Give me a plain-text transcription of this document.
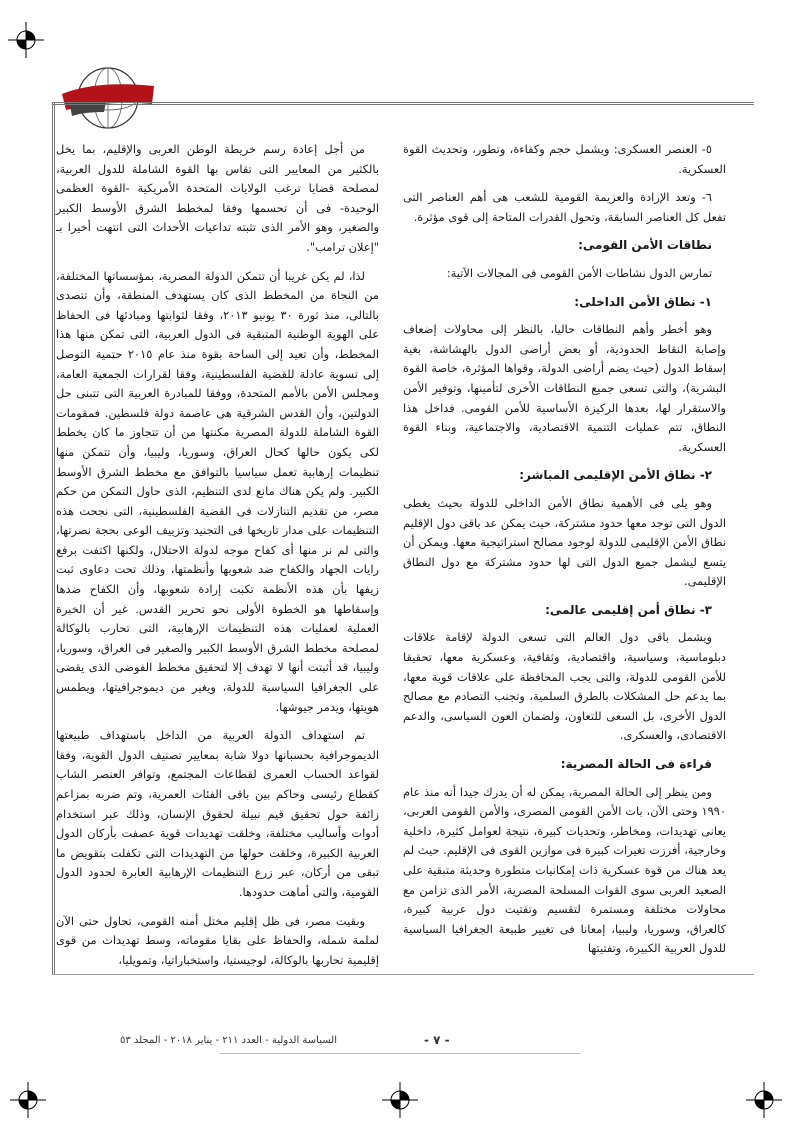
٥- العنصر العسكرى: ويشمل حجم وكفاءة، وتطور، وتحديث القوة العسكرية.

٦- وتعد الإرادة والعزيمة القومية للشعب هى أهم العناصر التى تفعل كل العناصر السابقة، وتحول القدرات المتاحة إلى قوى مؤثرة.

نطاقات الأمن القومى:

تمارس الدول نشاطات الأمن القومى فى المجالات الآتية:

١- نطاق الأمن الداخلى:

وهو أخطر وأهم النطاقات حاليا، بالنظر إلى محاولات إضعاف وإصابة النقاط الحدودية، أو بعض أراضى الدول بالهشاشة، بغية إسقاط الدول (حيث يضم أراضى الدولة، وقواها المؤثرة، خاصة القوة البشرية)، والتى تسعى جميع النطاقات الأخرى لتأمينها، وتوفير الأمن والاستقرار لها، بعدها الركيزة الأساسية للأمن القومى. فداخل هذا النطاق، تتم عمليات التنمية الاقتصادية، والاجتماعية، وبناء القوة العسكرية.

٢- نطاق الأمن الإقليمى المباشر:

وهو يلى فى الأهمية نطاق الأمن الداخلى للدولة بحيث يغطى الدول التى توجد معها حدود مشتركة، حيث يمكن عد باقى دول الإقليم نطاق الأمن الإقليمى للدولة لوجود مصالح استراتيجية معها. ويمكن أن يتسع ليشمل جميع الدول التى لها حدود مشتركة مع دول النطاق الإقليمى.

٣- نطاق أمن إقليمى عالمى:

ويشمل باقى دول العالم التى تسعى الدولة لإقامة علاقات دبلوماسية، وسياسية، واقتصادية، وثقافية، وعسكرية معها، تحقيقا للأمن القومى للدولة، والتى يجب المحافظة على علاقات قوية معها، بما يدعم حل المشكلات بالطرق السلمية، وتجنب التصادم مع مصالح الدول الأخرى، بل السعى للتعاون، ولضمان العون السياسى، والدعم الاقتصادى، والعسكرى.

قراءة فى الحالة المصرية:

ومن ينظر إلى الحالة المصرية، يمكن له أن يدرك جيدا أنه منذ عام ١٩٩٠ وحتى الآن، بات الأمن القومى المصرى، والأمن القومى العربى، يعانى تهديدات، ومخاطر، وتحديات كبيرة، نتيجة لعوامل كثيرة، داخلية وخارجية، أفرزت تغيرات كبيرة فى موازين القوى فى الإقليم. حيث لم يعد هناك من قوة عسكرية ذات إمكانيات متطورة وحديثة متبقية على الصعيد العربى سوى القوات المسلحة المصرية، الأمر الذى تزامن مع محاولات مختلفة ومستمرة لتقسيم وتفتيت دول عربية كبيرة، كالعراق، وسوريا، وليبيا، إمعانا فى تغيير طبيعة الجغرافيا السياسية للدول العربية الكبيرة، وتفتيتها

من أجل إعادة رسم خريطة الوطن العربى والإقليم، بما يخل بالكثير من المعايير التى تقاس بها القوة الشاملة للدول العربية، لمصلحة قضايا ترغب الولايات المتحدة الأمريكية -القوة العظمى الوحيدة- فى أن تحسمها وفقا لمخطط الشرق الأوسط الكبير والصغير، وهو الأمر الذى تثبته تداعيات الأحداث التى انتهت أخيرا بـ "إعلان ترامب".

لذا، لم يكن غريبا أن تتمكن الدولة المصرية، بمؤسساتها المختلفة، من النجاة من المخطط الذى كان يستهدف المنطقة، وأن تتصدى بالتالى، منذ ثورة ٣٠ يونيو ٢٠١٣، وفقا لثوابتها ومبادئها فى الحفاظ على الهوية الوطنية المتبقية فى الدول العربية، التى تمكن منها هذا المخطط، وأن تعيد إلى الساحة بقوة منذ عام ٢٠١٥ حتمية التوصل إلى تسوية عادلة للقضية الفلسطينية، وفقا لقرارات الجمعية العامة، ومجلس الأمن بالأمم المتحدة، ووفقا للمبادرة العربية التى تتبنى حل الدولتين، وأن القدس الشرقية هى عاصمة دولة فلسطين. فمقومات القوة الشاملة للدولة المصرية مكنتها من أن تتجاوز ما كان يخطط لكى يكون حالها كحال العراق، وسوريا، وليبيا، وأن تتمكن منها تنظيمات إرهابية تعمل سياسيا بالتوافق مع مخطط الشرق الأوسط الكبير. ولم يكن هناك مانع لدى التنظيم، الذى حاول التمكن من حكم مصر، من تقديم التنازلات فى القضية الفلسطينية، التى نجحت هذه التنظيمات على مدار تاريخها فى التجنيد وتزييف الوعى بحجة نصرتها، والتى لم نر منها أى كفاح موجه لدولة الاحتلال، ولكنها اكتفت برفع رايات الجهاد والكفاح ضد شعوبها وأنظمتها، وذلك تحت دعاوى ثبت زيفها بأن هذه الأنظمة تكبت إرادة شعوبها، وأن الكفاح ضدها وإسقاطها هو الخطوة الأولى نحو تحرير القدس. غير أن الخبرة العملية لعمليات هذه التنظيمات الإرهابية، التى تحارب بالوكالة لمصلحة مخطط الشرق الأوسط الكبير والصغير فى العراق، وسوريا، وليبيا، قد أثبتت أنها لا تهدف إلا لتحقيق مخطط الفوضى الذى يقضى على الجغرافيا السياسية للدولة، ويغير من ديموجرافيتها، ويطمس هويتها، ويدمر جيوشها.

تم استهداف الدولة العربية من الداخل باستهداف طبيعتها الديموجرافية بحسبانها دولا شابة بمعايير تصنيف الدول القوية، وفقا لقواعد الحساب العمرى لقطاعات المجتمع، وتوافر العنصر الشاب كقطاع رئيسى وحاكم بين باقى الفئات العمرية، وتم ضربه بمزاعم زائفة حول تحقيق قيم نبيلة لحقوق الإنسان، وذلك عبر استخدام أدوات وأساليب مختلفة، وخلقت تهديدات قوية عصفت بأركان الدول العربية الكبيرة، وخلقت حولها من التهديدات التى تكفلت بتقويض ما تبقى من أركان، عبر زرع التنظيمات الإرهابية العابرة لحدود الدول القومية، والتى أماهت حدودها.

وبقيت مصر، فى ظل إقليم مختل أمنه القومى، تحاول حتى الآن لملمة شمله، والحفاظ على بقايا مقوماته، وسط تهديدات من قوى إقليمية تحاربها بالوكالة، لوجيستيا، واستخباراتيا، وتمويليا،

- ٧ -
السياسة الدولية - العدد ٢١١ - يناير ٢٠١٨ - المجلد ٥٣
